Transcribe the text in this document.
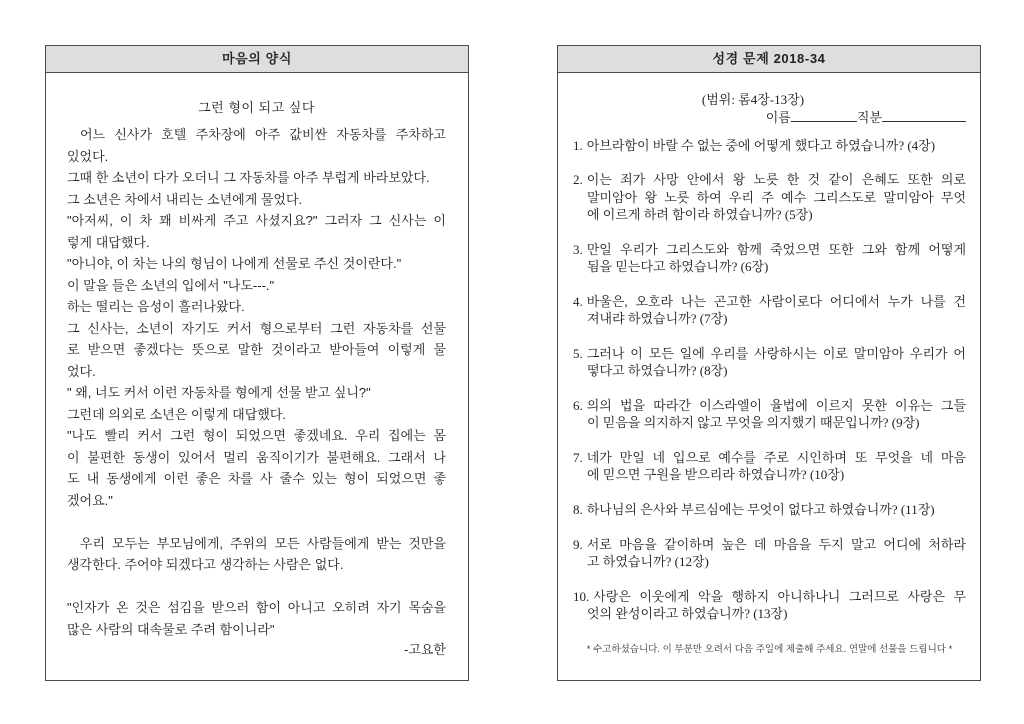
마음의 양식
그런 형이 되고 싶다
어느 신사가 호텔 주차장에 아주 값비싼 자동차를 주차하고
있었다.
그때 한 소년이 다가 오더니 그 자동차를 아주 부럽게 바라보았다.
그 소년은 차에서 내리는 소년에게 물었다.
"아저씨, 이 차 꽤 비싸게 주고 사셨지요?" 그러자 그 신사는 이
렇게 대답했다.
"아니야, 이 차는 나의 형님이 나에게 선물로 주신 것이란다."
이 말을 들은 소년의 입에서 "나도---."
하는 떨리는 음성이 흘러나왔다.
그 신사는, 소년이 자기도 커서 형으로부터 그런 자동차를 선물
로 받으면 좋겠다는 뜻으로 말한 것이라고 받아들여 이렇게 물
었다.
" 왜, 너도 커서 이런 자동차를 형에게 선물 받고 싶니?"
그런데 의외로 소년은 이렇게 대답했다.
"나도 빨리 커서 그런 형이 되었으면 좋겠네요. 우리 집에는 몸
이 불편한 동생이 있어서 멀리 움직이기가 불편해요. 그래서 나
도 내 동생에게 이런 좋은 차를 사 줄수 있는 형이 되었으면 좋
겠어요."
우리 모두는 부모님에게, 주위의 모든 사람들에게 받는 것만을
생각한다. 주어야 되겠다고 생각하는 사람은 없다.
"인자가 온 것은 섬김을 받으러 함이 아니고 오히려 자기 목숨을
많은 사람의 대속물로 주려 함이니라"
-고요한
성경 문제 2018-34
(범위: 롬4장-13장)
이름	직분
1. 아브라함이 바랄 수 없는 중에 어떻게 했다고 하였습니까? (4장)
2. 이는 죄가 사망 안에서 왕 노릇 한 것 같이 은혜도 또한 의로
말미암아 왕 노릇 하여 우리 주 예수 그리스도로 말미암아 무엇
에 이르게 하려 함이라 하였습니까? (5장)
3. 만일 우리가 그리스도와 함께 죽었으면 또한 그와 함께 어떻게
됨을 믿는다고 하였습니까? (6장)
4. 바울은, 오호라 나는 곤고한 사람이로다 어디에서 누가 나를 건
져내랴 하였습니까? (7장)
5. 그러나 이 모든 일에 우리를 사랑하시는 이로 말미암아 우리가 어
떻다고 하였습니까? (8장)
6. 의의 법을 따라간 이스라엘이 율법에 이르지 못한 이유는 그들
이 믿음을 의지하지 않고 무엇을 의지했기 때문입니까? (9장)
7. 네가 만일 네 입으로 예수를 주로 시인하며 또 무엇을 네 마음
에 믿으면 구원을 받으리라 하였습니까? (10장)
8. 하나님의 은사와 부르심에는 무엇이 없다고 하였습니까? (11장)
9. 서로 마음을 같이하며 높은 데 마음을 두지 말고 어디에 처하라
고 하였습니까? (12장)
10. 사랑은 이웃에게 악을 행하지 아니하나니 그러므로 사랑은 무
엇의 완성이라고 하였습니까? (13장)
* 수고하셨습니다. 이 부분만 오려서 다음 주일에 제출해 주세요. 연말에 선물을 드립니다 *
